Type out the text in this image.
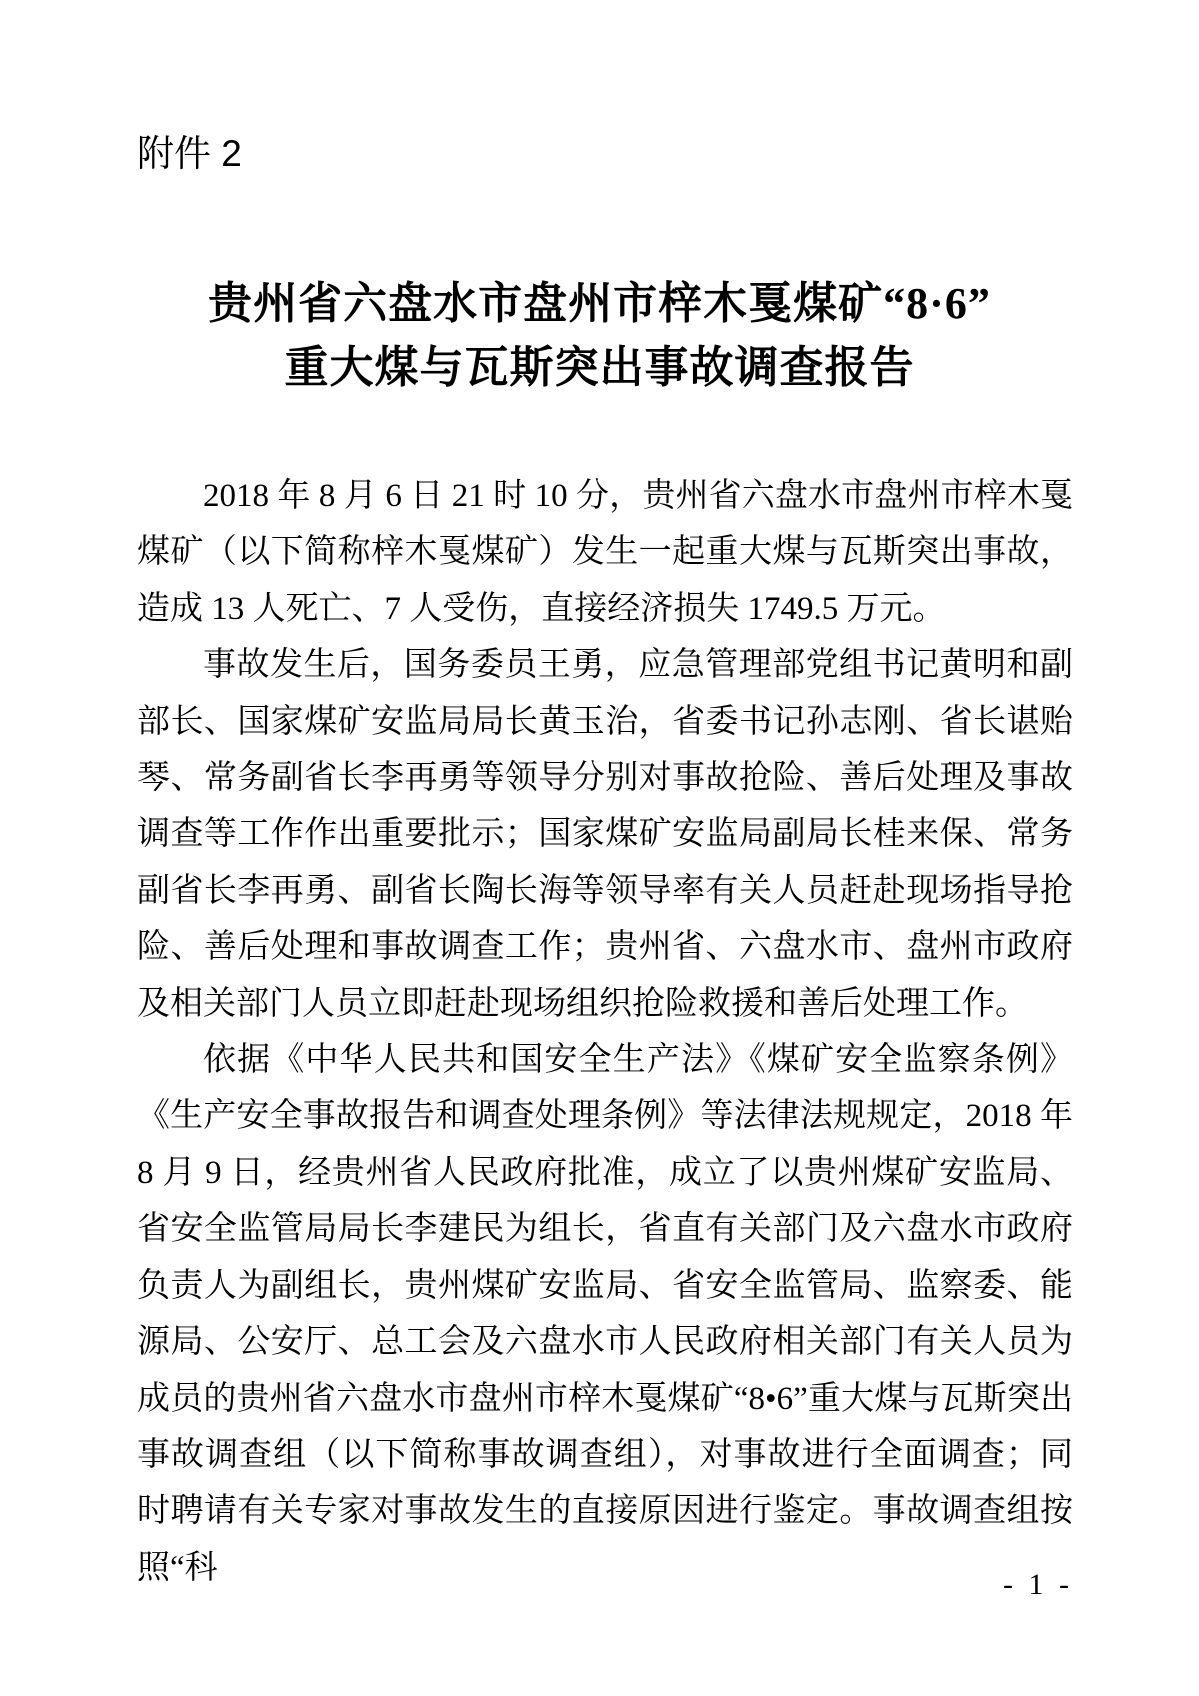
附件 2
贵州省六盘水市盘州市梓木戛煤矿“8·6”
重大煤与瓦斯突出事故调查报告

2018 年 8 月 6 日 21 时 10 分，贵州省六盘水市盘州市梓木戛煤矿（以下简称梓木戛煤矿）发生一起重大煤与瓦斯突出事故，造成 13 人死亡、7 人受伤，直接经济损失 1749.5 万元。

事故发生后，国务委员王勇，应急管理部党组书记黄明和副部长、国家煤矿安监局局长黄玉治，省委书记孙志刚、省长谌贻琴、常务副省长李再勇等领导分别对事故抢险、善后处理及事故调查等工作作出重要批示；国家煤矿安监局副局长桂来保、常务副省长李再勇、副省长陶长海等领导率有关人员赶赴现场指导抢险、善后处理和事故调查工作；贵州省、六盘水市、盘州市政府及相关部门人员立即赶赴现场组织抢险救援和善后处理工作。

依据《中华人民共和国安全生产法》《煤矿安全监察条例》《生产安全事故报告和调查处理条例》等法律法规规定，2018 年 8 月 9 日，经贵州省人民政府批准，成立了以贵州煤矿安监局、省安全监管局局长李建民为组长，省直有关部门及六盘水市政府负责人为副组长，贵州煤矿安监局、省安全监管局、监察委、能源局、公安厅、总工会及六盘水市人民政府相关部门有关人员为成员的贵州省六盘水市盘州市梓木戛煤矿“8•6”重大煤与瓦斯突出事故调查组（以下简称事故调查组），对事故进行全面调查；同时聘请有关专家对事故发生的直接原因进行鉴定。事故调查组按照“科	- 1 -
